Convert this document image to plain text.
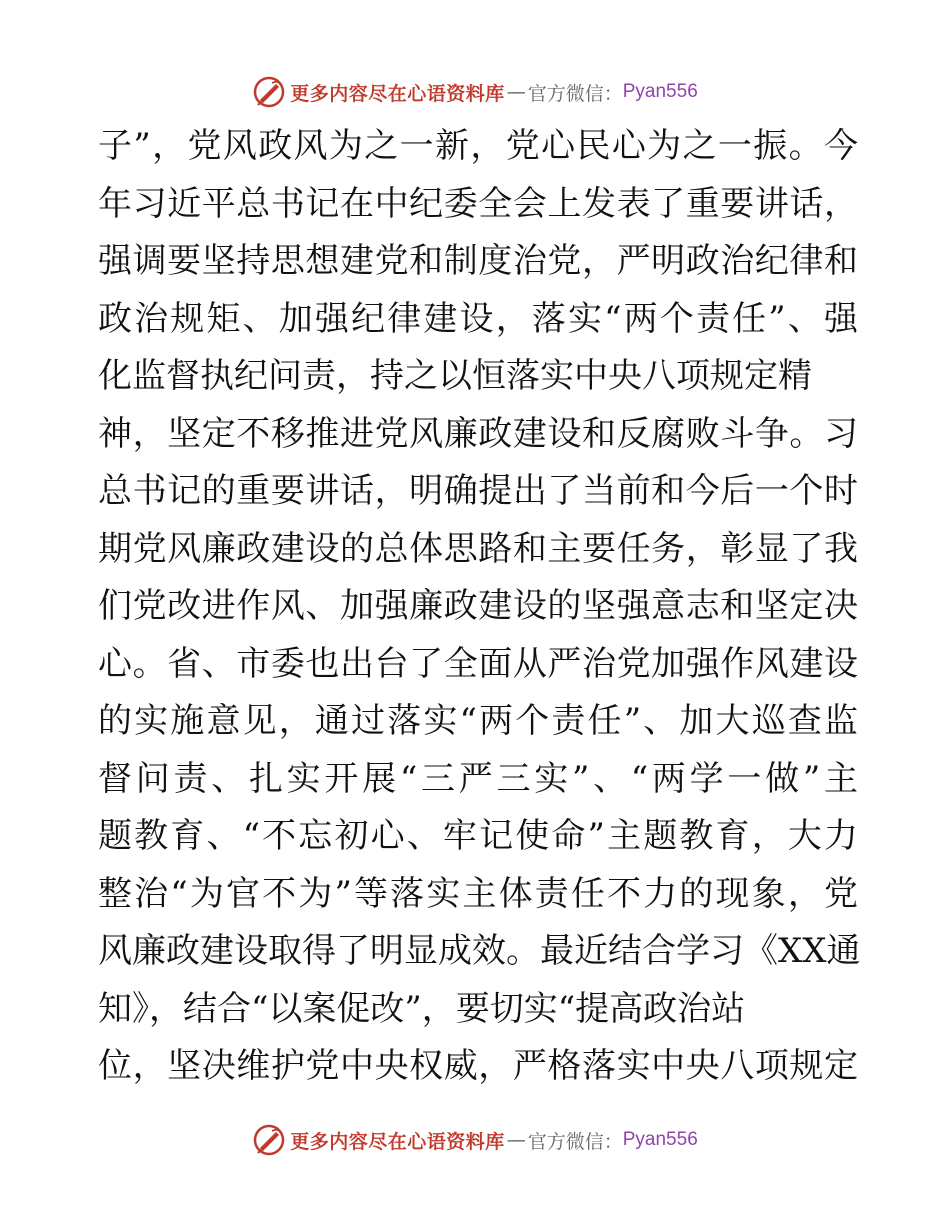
更多内容尽在心语资料库 — 官方微信： Pyan556
子”，党风政风为之一新，党心民心为之一振。今
年习近平总书记在中纪委全会上发表了重要讲话，
强调要坚持思想建党和制度治党，严明政治纪律和
政治规矩、加强纪律建设，落实“两个责任”、强
化监督执纪问责，持之以恒落实中央八项规定精
神，坚定不移推进党风廉政建设和反腐败斗争。习
总书记的重要讲话，明确提出了当前和今后一个时
期党风廉政建设的总体思路和主要任务，彰显了我
们党改进作风、加强廉政建设的坚强意志和坚定决
心。省、市委也出台了全面从严治党加强作风建设
的实施意见，通过落实“两个责任”、加大巡查监
督问责、扎实开展“三严三实”、“两学一做”主
题教育、“不忘初心、牢记使命”主题教育，大力
整治“为官不为”等落实主体责任不力的现象，党
风廉政建设取得了明显成效。最近结合学习《XX通
知》，结合“以案促改”，要切实“提高政治站
位，坚决维护党中央权威，严格落实中央八项规定
更多内容尽在心语资料库 — 官方微信： Pyan556
